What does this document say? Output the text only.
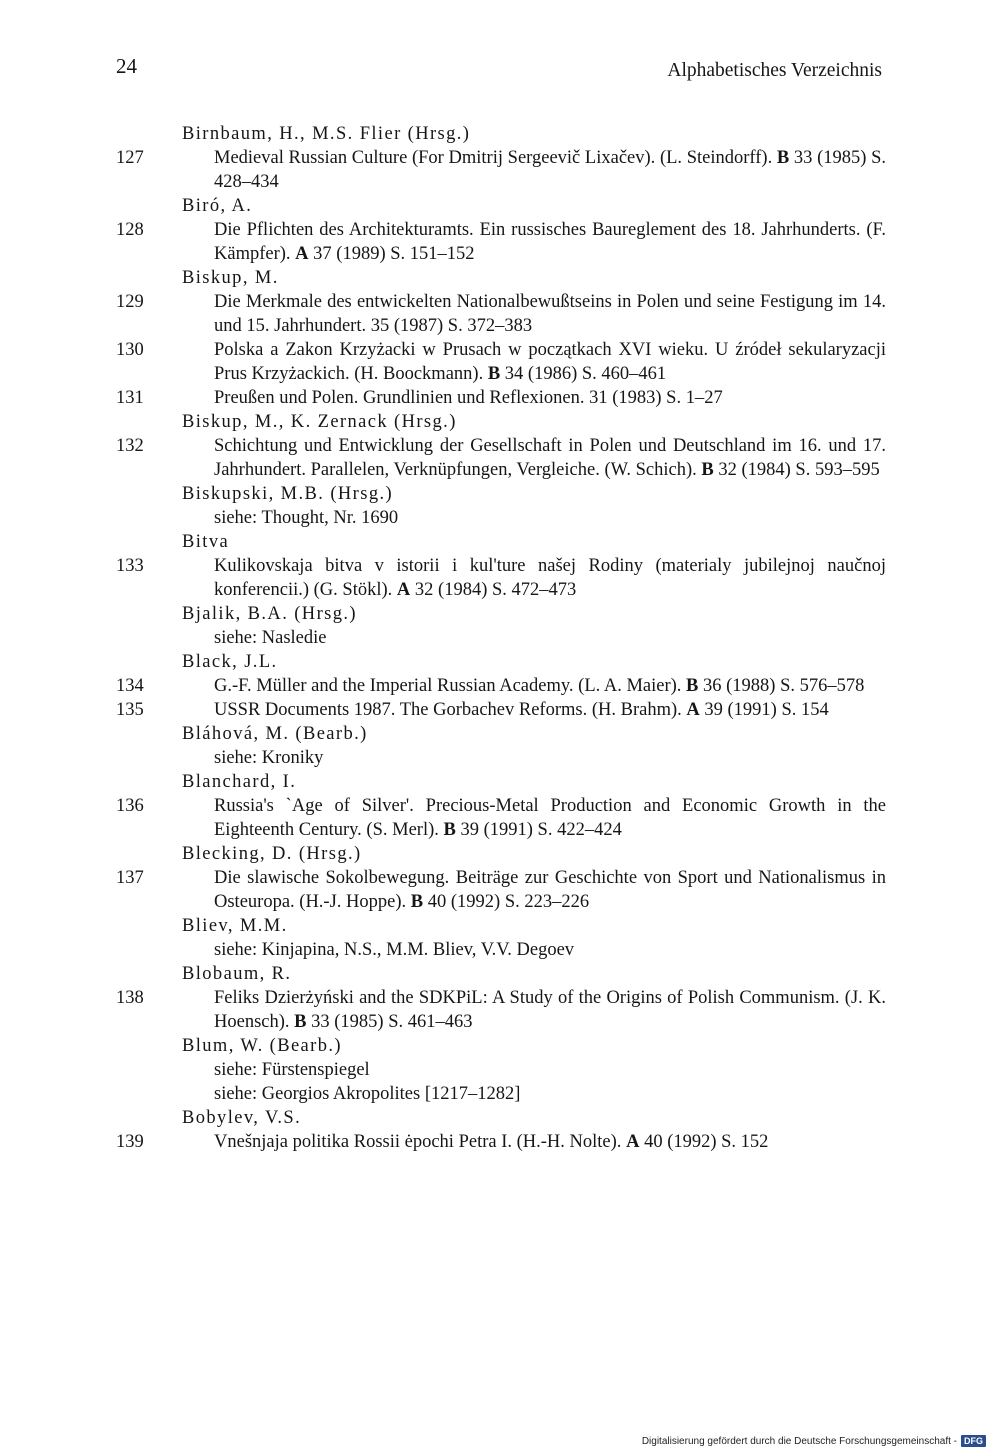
24	Alphabetisches Verzeichnis
Birnbaum, H., M.S. Flier (Hrsg.)
127	Medieval Russian Culture (For Dmitrij Sergeevič Lixačev). (L. Steindorff). B 33 (1985) S. 428–434
Biró, A.
128	Die Pflichten des Architekturamts. Ein russisches Baureglement des 18. Jahrhunderts. (F. Kämpfer). A 37 (1989) S. 151–152
Biskup, M.
129	Die Merkmale des entwickelten Nationalbewußtseins in Polen und seine Festigung im 14. und 15. Jahrhundert. 35 (1987) S. 372–383
130	Polska a Zakon Krzyżacki w Prusach w początkach XVI wieku. U źródeł sekularyzacji Prus Krzyżackich. (H. Boockmann). B 34 (1986) S. 460–461
131	Preußen und Polen. Grundlinien und Reflexionen. 31 (1983) S. 1–27
Biskup, M., K. Zernack (Hrsg.)
132	Schichtung und Entwicklung der Gesellschaft in Polen und Deutschland im 16. und 17. Jahrhundert. Parallelen, Verknüpfungen, Vergleiche. (W. Schich). B 32 (1984) S. 593–595
Biskupski, M.B. (Hrsg.)
siehe: Thought, Nr. 1690
Bitva
133	Kulikovskaja bitva v istorii i kul'ture našej Rodiny (materialy jubilejnoj naučnoj konferencii.) (G. Stökl). A 32 (1984) S. 472–473
Bjalik, B.A. (Hrsg.)
siehe: Nasledie
Black, J.L.
134	G.-F. Müller and the Imperial Russian Academy. (L. A. Maier). B 36 (1988) S. 576–578
135	USSR Documents 1987. The Gorbachev Reforms. (H. Brahm). A 39 (1991) S. 154
Bláhová, M. (Bearb.)
siehe: Kroniky
Blanchard, I.
136	Russia's `Age of Silver'. Precious-Metal Production and Economic Growth in the Eighteenth Century. (S. Merl). B 39 (1991) S. 422–424
Blecking, D. (Hrsg.)
137	Die slawische Sokolbewegung. Beiträge zur Geschichte von Sport und Nationalismus in Osteuropa. (H.-J. Hoppe). B 40 (1992) S. 223–226
Bliev, M.M.
siehe: Kinjapina, N.S., M.M. Bliev, V.V. Degoev
Blobaum, R.
138	Feliks Dzierżyński and the SDKPiL: A Study of the Origins of Polish Communism. (J. K. Hoensch). B 33 (1985) S. 461–463
Blum, W. (Bearb.)
siehe: Fürstenspiegel
siehe: Georgios Akropolites [1217–1282]
Bobylev, V.S.
139	Vnešnjaja politika Rossii ėpochi Petra I. (H.-H. Nolte). A 40 (1992) S. 152
Digitalisierung gefördert durch die Deutsche Forschungsgemeinschaft - DFG
